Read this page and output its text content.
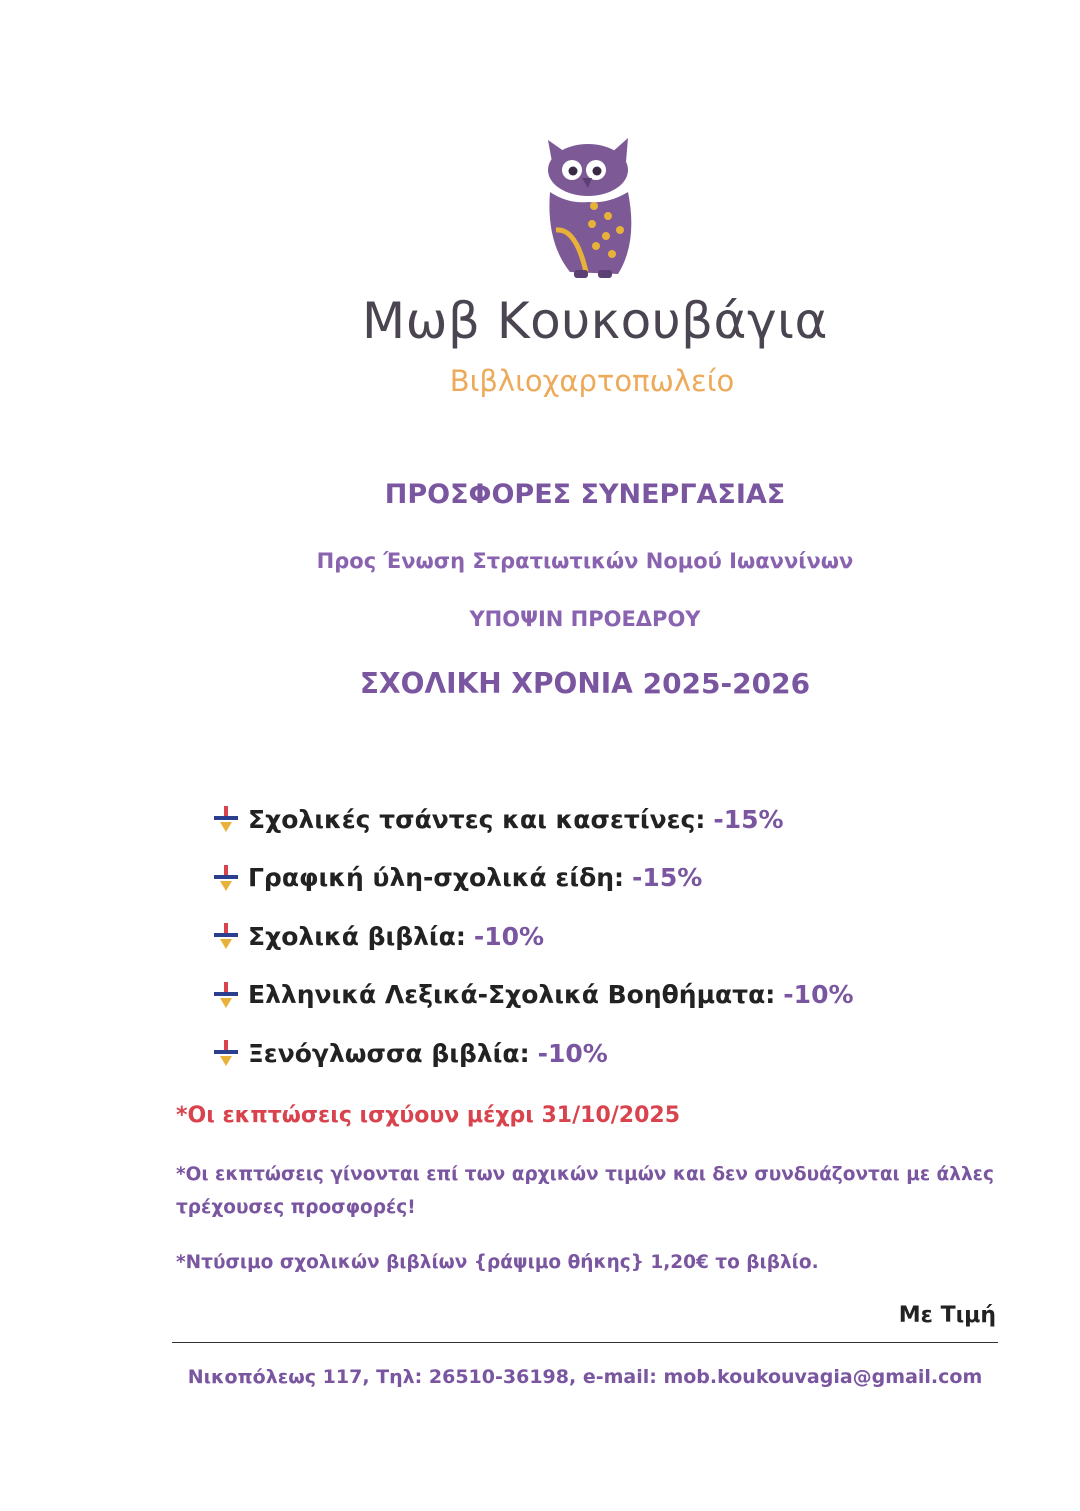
Μωβ Κουκουβάγια
Βιβλιοχαρτοπωλείο
ΠΡΟΣΦΟΡΕΣ ΣΥΝΕΡΓΑΣΙΑΣ
Προς Ένωση Στρατιωτικών Νομού Ιωαννίνων
ΥΠΟΨΙΝ ΠΡΟΕΔΡΟΥ
ΣΧΟΛΙΚΗ ΧΡΟΝΙΑ 2025-2026
Σχολικές τσάντες και κασετίνες: -15%
Γραφική ύλη-σχολικά είδη: -15%
Σχολικά βιβλία: -10%
Ελληνικά Λεξικά-Σχολικά Βοηθήματα: -10%
Ξενόγλωσσα βιβλία: -10%
*Οι εκπτώσεις ισχύουν μέχρι 31/10/2025
*Οι εκπτώσεις γίνονται επί των αρχικών τιμών και δεν συνδυάζονται με άλλες τρέχουσες προσφορές!
*Ντύσιμο σχολικών βιβλίων {ράψιμο θήκης} 1,20€ το βιβλίο.
Με Τιμή
Νικοπόλεως 117, Τηλ: 26510-36198, e-mail: mob.koukouvagia@gmail.com
